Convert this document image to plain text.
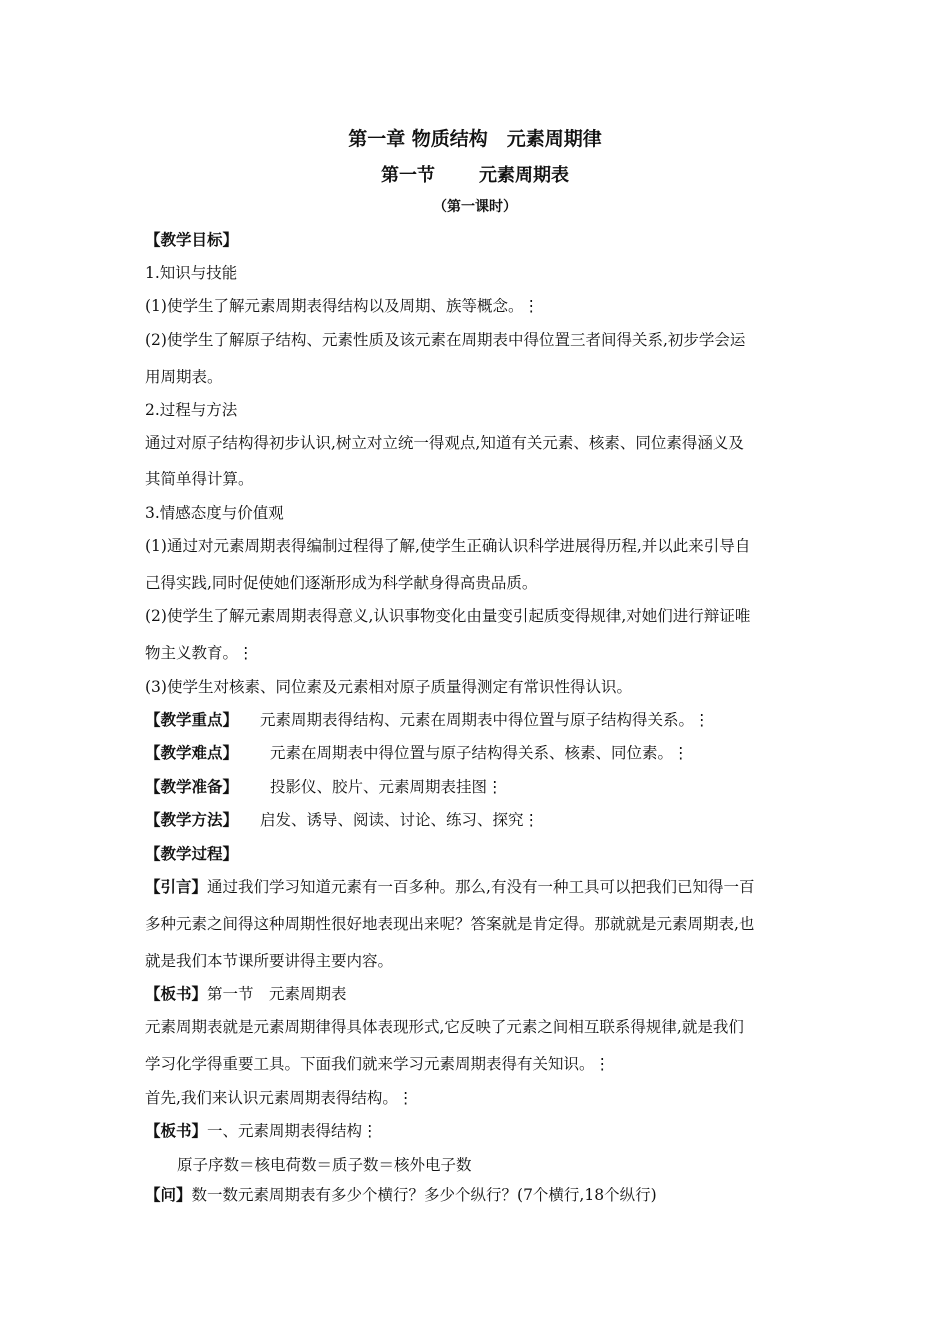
第一章 物质结构　元素周期律
第一节 元素周期表
（第一课时）
【教学目标】
1.知识与技能
(1)使学生了解元素周期表得结构以及周期、族等概念。⋮
(2)使学生了解原子结构、元素性质及该元素在周期表中得位置三者间得关系,初步学会运
用周期表。
2.过程与方法
通过对原子结构得初步认识,树立对立统一得观点,知道有关元素、核素、同位素得涵义及
其简单得计算。
3.情感态度与价值观
(1)通过对元素周期表得编制过程得了解,使学生正确认识科学进展得历程,并以此来引导自
己得实践,同时促使她们逐渐形成为科学献身得高贵品质。
(2)使学生了解元素周期表得意义,认识事物变化由量变引起质变得规律,对她们进行辩证唯
物主义教育。⋮
(3)使学生对核素、同位素及元素相对原子质量得测定有常识性得认识。
【教学重点】 元素周期表得结构、元素在周期表中得位置与原子结构得关系。⋮
【教学难点】 元素在周期表中得位置与原子结构得关系、核素、同位素。⋮
【教学准备】 投影仪、胶片、元素周期表挂图⋮
【教学方法】 启发、诱导、阅读、讨论、练习、探究⋮
【教学过程】
【引言】通过我们学习知道元素有一百多种。那么,有没有一种工具可以把我们已知得一百
多种元素之间得这种周期性很好地表现出来呢？答案就是肯定得。那就就是元素周期表,也
就是我们本节课所要讲得主要内容。
【板书】第一节　元素周期表
元素周期表就是元素周期律得具体表现形式,它反映了元素之间相互联系得规律,就是我们
学习化学得重要工具。下面我们就来学习元素周期表得有关知识。⋮
首先,我们来认识元素周期表得结构。⋮
【板书】一、元素周期表得结构⋮
原子序数＝核电荷数＝质子数＝核外电子数
【问】数一数元素周期表有多少个横行？多少个纵行？(7个横行,18个纵行)
